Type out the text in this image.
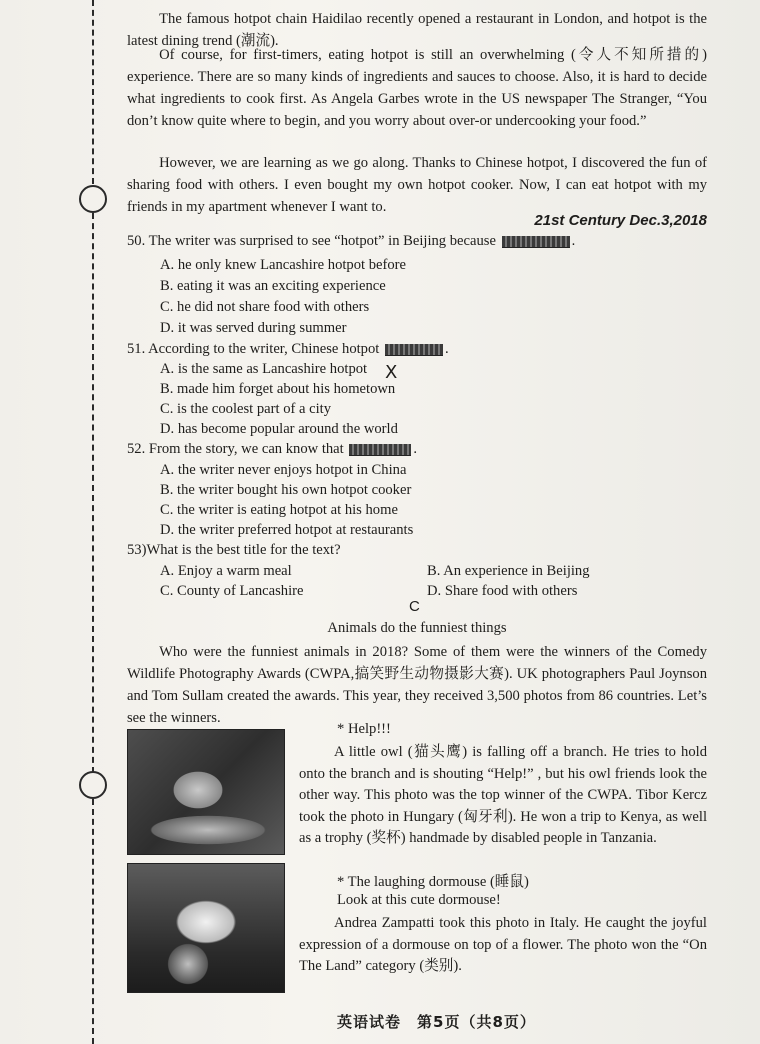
The famous hotpot chain Haidilao recently opened a restaurant in London, and hotpot is the latest dining trend (潮流).
Of course, for first-timers, eating hotpot is still an overwhelming (令人不知所措的) experience. There are so many kinds of ingredients and sauces to choose. Also, it is hard to decide what ingredients to cook first. As Angela Garbes wrote in the US newspaper The Stranger, “You don’t know quite where to begin, and you worry about over-or undercooking your food.”
However, we are learning as we go along. Thanks to Chinese hotpot, I discovered the fun of sharing food with others. I even bought my own hotpot cooker. Now, I can eat hotpot with my friends in my apartment whenever I want to.
21st Century Dec.3,2018
50. The writer was surprised to see “hotpot” in Beijing because	.
A. he only knew Lancashire hotpot before
B. eating it was an exciting experience
C. he did not share food with others
D. it was served during summer
51. According to the writer, Chinese hotpot	.
A. is the same as Lancashire hotpot X
B. made him forget about his hometown
C. is the coolest part of a city
D. has become popular around the world
52. From the story, we can know that	.
A. the writer never enjoys hotpot in China
B. the writer bought his own hotpot cooker
C. the writer is eating hotpot at his home
D. the writer preferred hotpot at restaurants
53)What is the best title for the text?
A. Enjoy a warm meal	B. An experience in Beijing
C. County of Lancashire	D. Share food with others
C
Animals do the funniest things
Who were the funniest animals in 2018? Some of them were the winners of the Comedy Wildlife Photography Awards (CWPA,搞笑野生动物摄影大赛). UK photographers Paul Joynson and Tom Sullam created the awards. This year, they received 3,500 photos from 86 countries. Let’s see the winners.
* Help!!!
A little owl (猫头鹰) is falling off a branch. He tries to hold onto the branch and is shouting “Help!” , but his owl friends look the other way. This photo was the top winner of the CWPA. Tibor Kercz took the photo in Hungary (匈牙利). He won a trip to Kenya, as well as a trophy (奖杯) handmade by disabled people in Tanzania.
* The laughing dormouse (睡鼠)
Look at this cute dormouse!
Andrea Zampatti took this photo in Italy. He caught the joyful expression of a dormouse on top of a flower. The photo won the “On The Land” category (类别).
英语试卷　第5页（共8页）
